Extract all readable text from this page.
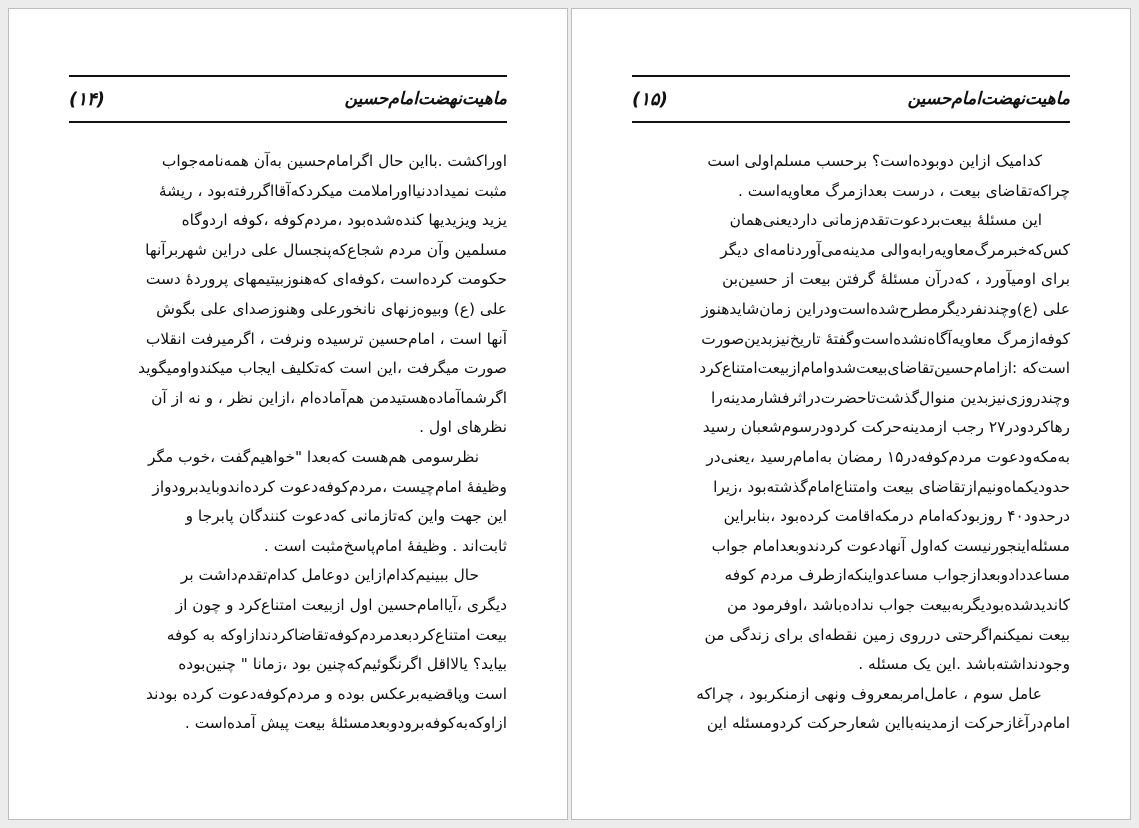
ماهیت‌نهضت‌امام‌حسین
(۱۴)
اوراکشت .بااین حال اگرامام‌حسین به‌آن همه‌نامه‌جواب
مثبت نمیداددنیااوراملامت میکردکه‌آقااگررفته‌بود ، ریشهٔ
یزید ویزیدیها کنده‌شده‌بود ،مردم‌کوفه ،کوفه اردوگاه
مسلمین وآن مردم شجاع‌که‌پنجسال علی دراین شهربرآنها
حکومت کرده‌است ،کوفه‌ای که‌هنوزبیتیمهای پروردهٔ دست
علی (ع) وبیوه‌زنهای نانخورعلی وهنوزصدای علی بگوش
آنها است ، امام‌حسین ترسیده ونرفت ، اگرمیرفت انقلاب
صورت میگرفت ،این است که‌تکلیف ایجاب میکندواومیگوید
اگرشماآماده‌هستیدمن هم‌آماده‌ام ،ازاین نظر ، و نه از آن
نظرهای اول .
نظرسومی هم‌هست که‌بعدا "خواهیم‌گفت ،خوب مگر
وظیفهٔ امام‌چیست ،مردم‌کوفه‌دعوت کرده‌اندوبایدبرودواز
این جهت واین که‌تازمانی که‌دعوت کنندگان پابرجا و
ثابت‌اند . وظیفهٔ امام‌پاسخ‌مثبت است .
حال ببینیم‌کدام‌ازاین دوعامل کدام‌تقدم‌داشت بر
دیگری ،آیاامام‌حسین اول ازبیعت امتناع‌کرد و چون از
بیعت امتناع‌کردبعدمردم‌کوفه‌تقاضاکردندازاوکه به کوفه
بیاید؟ یالااقل اگرنگوئیم‌که‌چنین بود ،زمانا " چنین‌بوده
است وپاقضیه‌برعکس بوده و مردم‌کوفه‌دعوت کرده بودند
ازاوکه‌به‌کوفه‌برودوبعدمسئلهٔ بیعت پیش آمده‌است .
ماهیت‌نهضت‌امام‌حسین
(۱۵)
کدامیک ازاین دوبوده‌است؟ برحسب مسلم‌اولی است
چراکه‌تقاضای بیعت ، درست بعدازمرگ معاویه‌است .
این مسئلهٔ بیعت‌بردعوت‌تقدم‌زمانی داردیعنی‌همان
کس‌که‌خبرمرگ‌معاویه‌رابه‌والی مدینه‌می‌آوردنامه‌ای دیگر
برای اومیآورد ، که‌درآن مسئلهٔ گرفتن بیعت از حسین‌بن
علی (ع)وچندنفردیگرمطرح‌شده‌است‌ودراین زمان‌شایدهنوز
کوفه‌ازمرگ معاویه‌آگاه‌نشده‌است‌وگفتهٔ تاریخ‌نیزبدین‌صورت
است‌که :ازامام‌حسین‌تقاضای‌بیعت‌شدوامام‌ازبیعت‌امتناع‌کرد
وچندروزی‌نیزبدین منوال‌گذشت‌تاحضرت‌دراثرفشارمدینه‌را
رهاکردودر۲۷ رجب ازمدینه‌حرکت کردودرسوم‌شعبان رسید
به‌مکه‌ودعوت مردم‌کوفه‌در۱۵ رمضان به‌امام‌رسید ،یعنی‌در
حدودیکماه‌ونیم‌ازتقاضای بیعت وامتناع‌امام‌گذشته‌بود ،زیرا
درحدود۴۰ روزبودکه‌امام درمکه‌اقامت کرده‌بود ،بنابراین
مسئله‌اینجورنیست که‌اول آنهادعوت کردندوبعدامام جواب
مساعددادوبعدازجواب مساعدواینکه‌ازطرف مردم کوفه
کاندیدشده‌بودیگربه‌بیعت جواب نداده‌باشد ،اوفرمود من
بیعت نمیکنم‌اگرحتی درروی زمین نقطه‌ای برای زندگی من
وجودنداشته‌باشد .این یک مسئله .
عامل سوم ، عامل‌امربمعروف ونهی ازمنکربود ، چراکه
امام‌درآغازحرکت ازمدینه‌بااین شعارحرکت کردومسئله این
